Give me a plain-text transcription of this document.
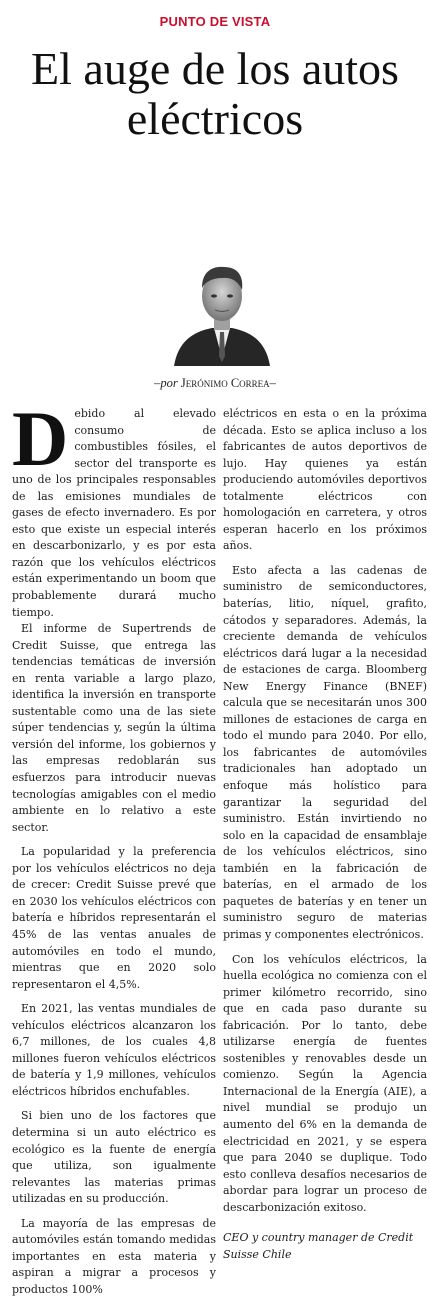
PUNTO DE VISTA
El auge de los autos eléctricos
–por Jerónimo Correa–

Debido al elevado consumo de combustibles fósiles, el sector del transporte es uno de los principales responsables de las emisiones mundiales de gases de efecto invernadero. Es por esto que existe un especial interés en descarbonizarlo, y es por esta razón que los vehículos eléctricos están experimentando un boom que probablemente durará mucho tiempo.

El informe de Supertrends de Credit Suisse, que entrega las tendencias temáticas de inversión en renta variable a largo plazo, identifica la inversión en transporte sustentable como una de las siete súper tendencias y, según la última versión del informe, los gobiernos y las empresas redoblarán sus esfuerzos para introducir nuevas tecnologías amigables con el medio ambiente en lo relativo a este sector.

La popularidad y la preferencia por los vehículos eléctricos no deja de crecer: Credit Suisse prevé que en 2030 los vehículos eléctricos con batería e híbridos representarán el 45% de las ventas anuales de automóviles en todo el mundo, mientras que en 2020 solo representaron el 4,5%.

En 2021, las ventas mundiales de vehículos eléctricos alcanzaron los 6,7 millones, de los cuales 4,8 millones fueron vehículos eléctricos de batería y 1,9 millones, vehículos eléctricos híbridos enchufables.

Si bien uno de los factores que determina si un auto eléctrico es ecológico es la fuente de energía que utiliza, son igualmente relevantes las materias primas utilizadas en su producción.

La mayoría de las empresas de automóviles están tomando medidas importantes en esta materia y aspiran a migrar a procesos y productos 100%

eléctricos en esta o en la próxima década. Esto se aplica incluso a los fabricantes de autos deportivos de lujo. Hay quienes ya están produciendo automóviles deportivos totalmente eléctricos con homologación en carretera, y otros esperan hacerlo en los próximos años.

Esto afecta a las cadenas de suministro de semiconductores, baterías, litio, níquel, grafito, cátodos y separadores. Además, la creciente demanda de vehículos eléctricos dará lugar a la necesidad de estaciones de carga. Bloomberg New Energy Finance (BNEF) calcula que se necesitarán unos 300 millones de estaciones de carga en todo el mundo para 2040. Por ello, los fabricantes de automóviles tradicionales han adoptado un enfoque más holístico para garantizar la seguridad del suministro. Están invirtiendo no solo en la capacidad de ensamblaje de los vehículos eléctricos, sino también en la fabricación de baterías, en el armado de los paquetes de baterías y en tener un suministro seguro de materias primas y componentes electrónicos.

Con los vehículos eléctricos, la huella ecológica no comienza con el primer kilómetro recorrido, sino que en cada paso durante su fabricación. Por lo tanto, debe utilizarse energía de fuentes sostenibles y renovables desde un comienzo. Según la Agencia Internacional de la Energía (AIE), a nivel mundial se produjo un aumento del 6% en la demanda de electricidad en 2021, y se espera que para 2040 se duplique. Todo esto conlleva desafíos necesarios de abordar para lograr un proceso de descarbonización exitoso.

CEO y country manager de Credit Suisse Chile
